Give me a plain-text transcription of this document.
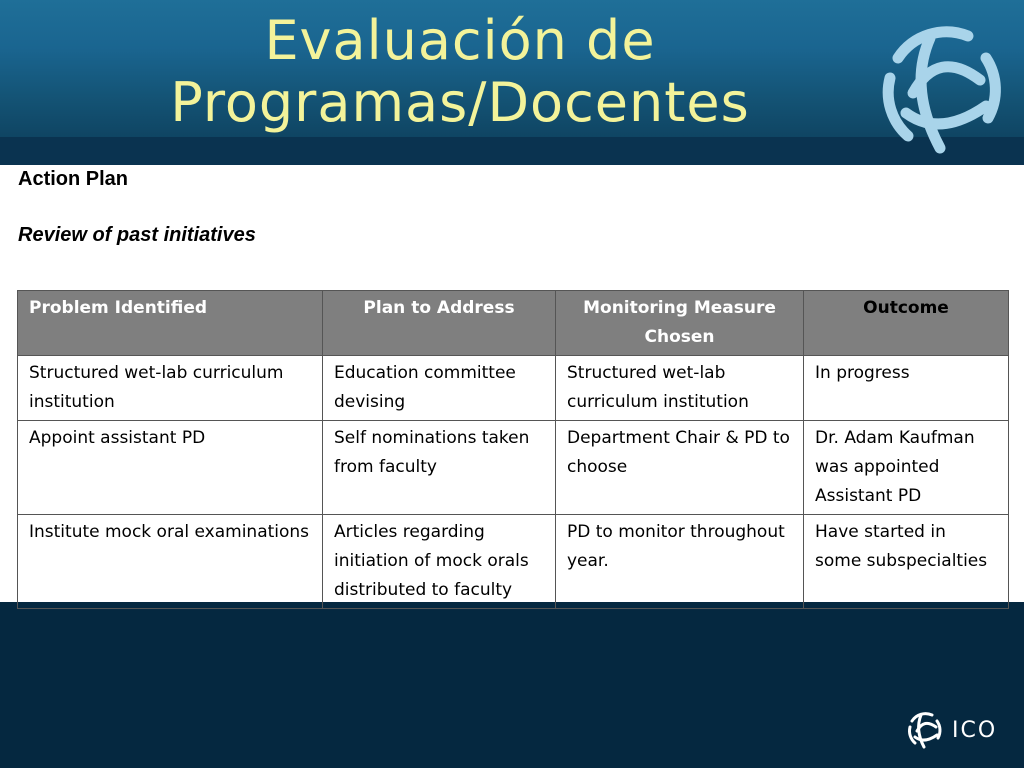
Evaluación de
Programas/Docentes
Action Plan
Review of past initiatives
Problem Identified	Plan to Address	Monitoring Measure Chosen	Outcome
Structured wet-lab curriculum institution	Education committee devising	Structured wet-lab curriculum institution	In progress
Appoint assistant PD	Self nominations taken from faculty	Department Chair & PD to choose	Dr. Adam Kaufman was appointed Assistant PD
Institute mock oral examinations	Articles regarding initiation of mock orals distributed to faculty	PD to monitor throughout year.	Have started in some subspecialties
ICO
